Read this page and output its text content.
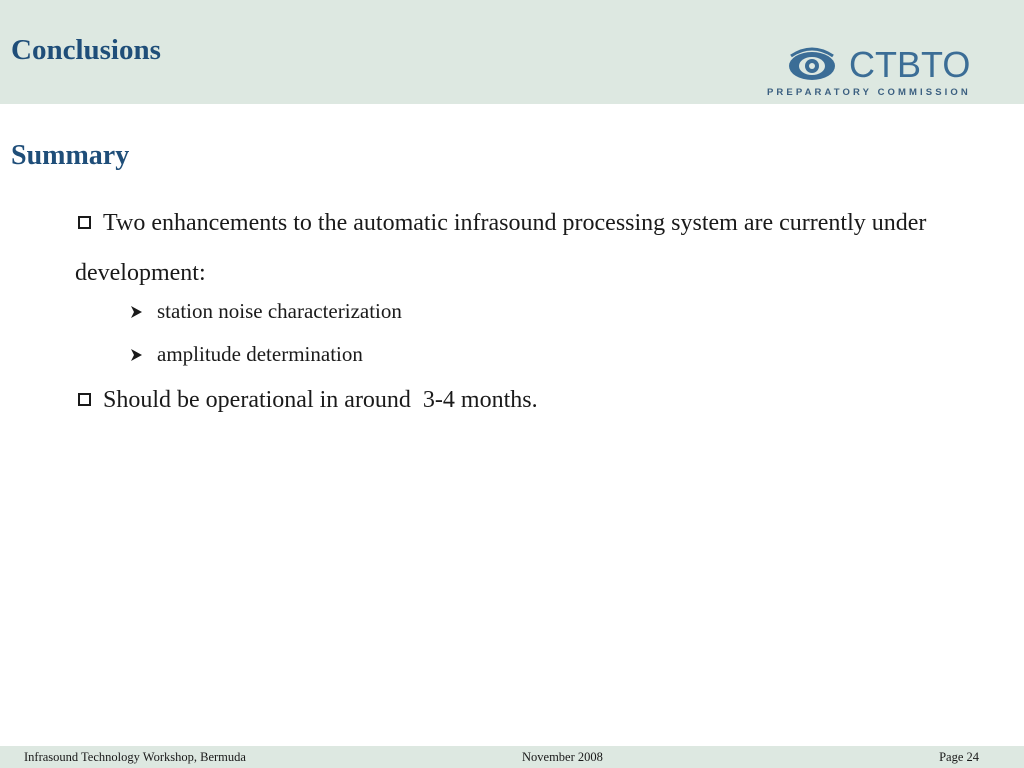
Conclusions	CTBTO
PREPARATORY COMMISSION
Summary
Two enhancements to the automatic infrasound processing system are currently under development:
station noise characterization
amplitude determination
Should be operational in around  3-4 months.
Infrasound Technology Workshop, Bermuda	November 2008	Page 24
